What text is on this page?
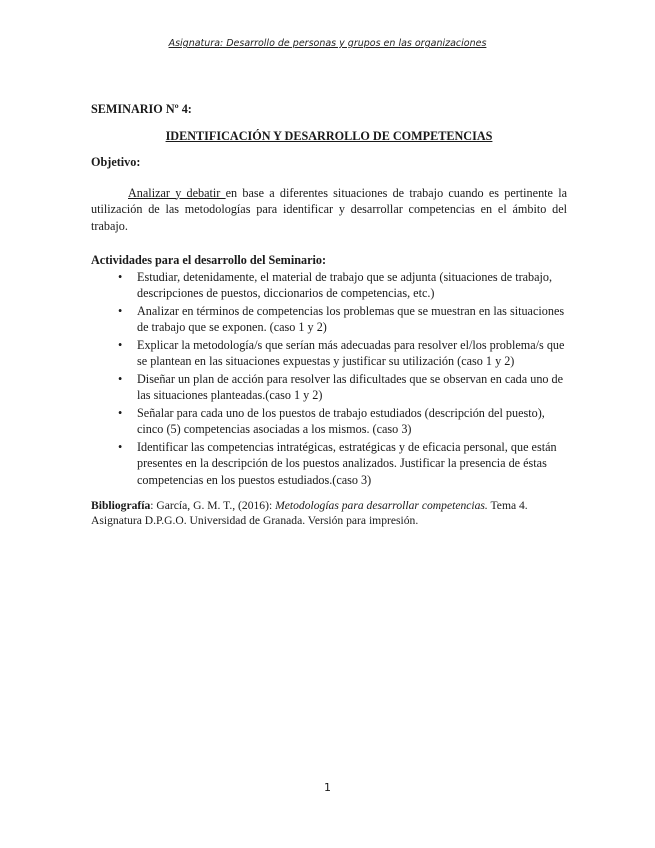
Asignatura: Desarrollo de personas y grupos en las organizaciones

SEMINARIO Nº 4:

IDENTIFICACIÓN Y DESARROLLO DE COMPETENCIAS

Objetivo:

Analizar y debatir en base a diferentes situaciones de trabajo cuando es pertinente la utilización de las metodologías para identificar y desarrollar competencias en el ámbito del trabajo.

Actividades para el desarrollo del Seminario:

• Estudiar, detenidamente, el material de trabajo que se adjunta (situaciones de trabajo, descripciones de puestos, diccionarios de competencias, etc.)
• Analizar en términos de competencias los problemas que se muestran en las situaciones de trabajo que se exponen. (caso 1 y 2)
• Explicar la metodología/s que serían más adecuadas para resolver el/los problema/s que se plantean en las situaciones expuestas y justificar su utilización (caso 1 y 2)
• Diseñar un plan de acción para resolver las dificultades que se observan en cada uno de las situaciones planteadas.(caso 1 y 2)
• Señalar para cada uno de los puestos de trabajo estudiados (descripción del puesto), cinco (5) competencias asociadas a los mismos. (caso 3)
• Identificar las competencias intratégicas, estratégicas y de eficacia personal, que están presentes en la descripción de los puestos analizados. Justificar la presencia de éstas competencias en los puestos estudiados.(caso 3)

Bibliografía: García, G. M. T., (2016): Metodologías para desarrollar competencias. Tema 4. Asignatura D.P.G.O. Universidad de Granada. Versión para impresión.

1
